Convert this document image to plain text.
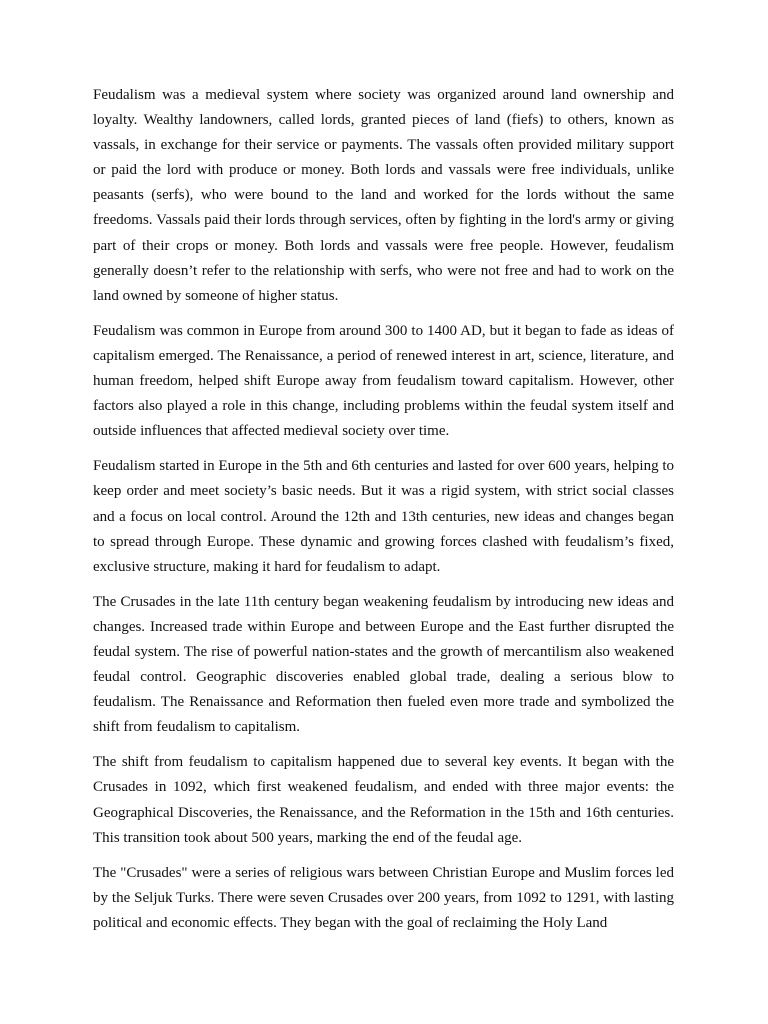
Feudalism was a medieval system where society was organized around land ownership and loyalty. Wealthy landowners, called lords, granted pieces of land (fiefs) to others, known as vassals, in exchange for their service or payments. The vassals often provided military support or paid the lord with produce or money. Both lords and vassals were free individuals, unlike peasants (serfs), who were bound to the land and worked for the lords without the same freedoms. Vassals paid their lords through services, often by fighting in the lord's army or giving part of their crops or money. Both lords and vassals were free people. However, feudalism generally doesn’t refer to the relationship with serfs, who were not free and had to work on the land owned by someone of higher status.

Feudalism was common in Europe from around 300 to 1400 AD, but it began to fade as ideas of capitalism emerged. The Renaissance, a period of renewed interest in art, science, literature, and human freedom, helped shift Europe away from feudalism toward capitalism. However, other factors also played a role in this change, including problems within the feudal system itself and outside influences that affected medieval society over time.

Feudalism started in Europe in the 5th and 6th centuries and lasted for over 600 years, helping to keep order and meet society’s basic needs. But it was a rigid system, with strict social classes and a focus on local control. Around the 12th and 13th centuries, new ideas and changes began to spread through Europe. These dynamic and growing forces clashed with feudalism’s fixed, exclusive structure, making it hard for feudalism to adapt.

The Crusades in the late 11th century began weakening feudalism by introducing new ideas and changes. Increased trade within Europe and between Europe and the East further disrupted the feudal system. The rise of powerful nation-states and the growth of mercantilism also weakened feudal control. Geographic discoveries enabled global trade, dealing a serious blow to feudalism. The Renaissance and Reformation then fueled even more trade and symbolized the shift from feudalism to capitalism.

The shift from feudalism to capitalism happened due to several key events. It began with the Crusades in 1092, which first weakened feudalism, and ended with three major events: the Geographical Discoveries, the Renaissance, and the Reformation in the 15th and 16th centuries. This transition took about 500 years, marking the end of the feudal age.

The "Crusades" were a series of religious wars between Christian Europe and Muslim forces led by the Seljuk Turks. There were seven Crusades over 200 years, from 1092 to 1291, with lasting political and economic effects. They began with the goal of reclaiming the Holy Land
